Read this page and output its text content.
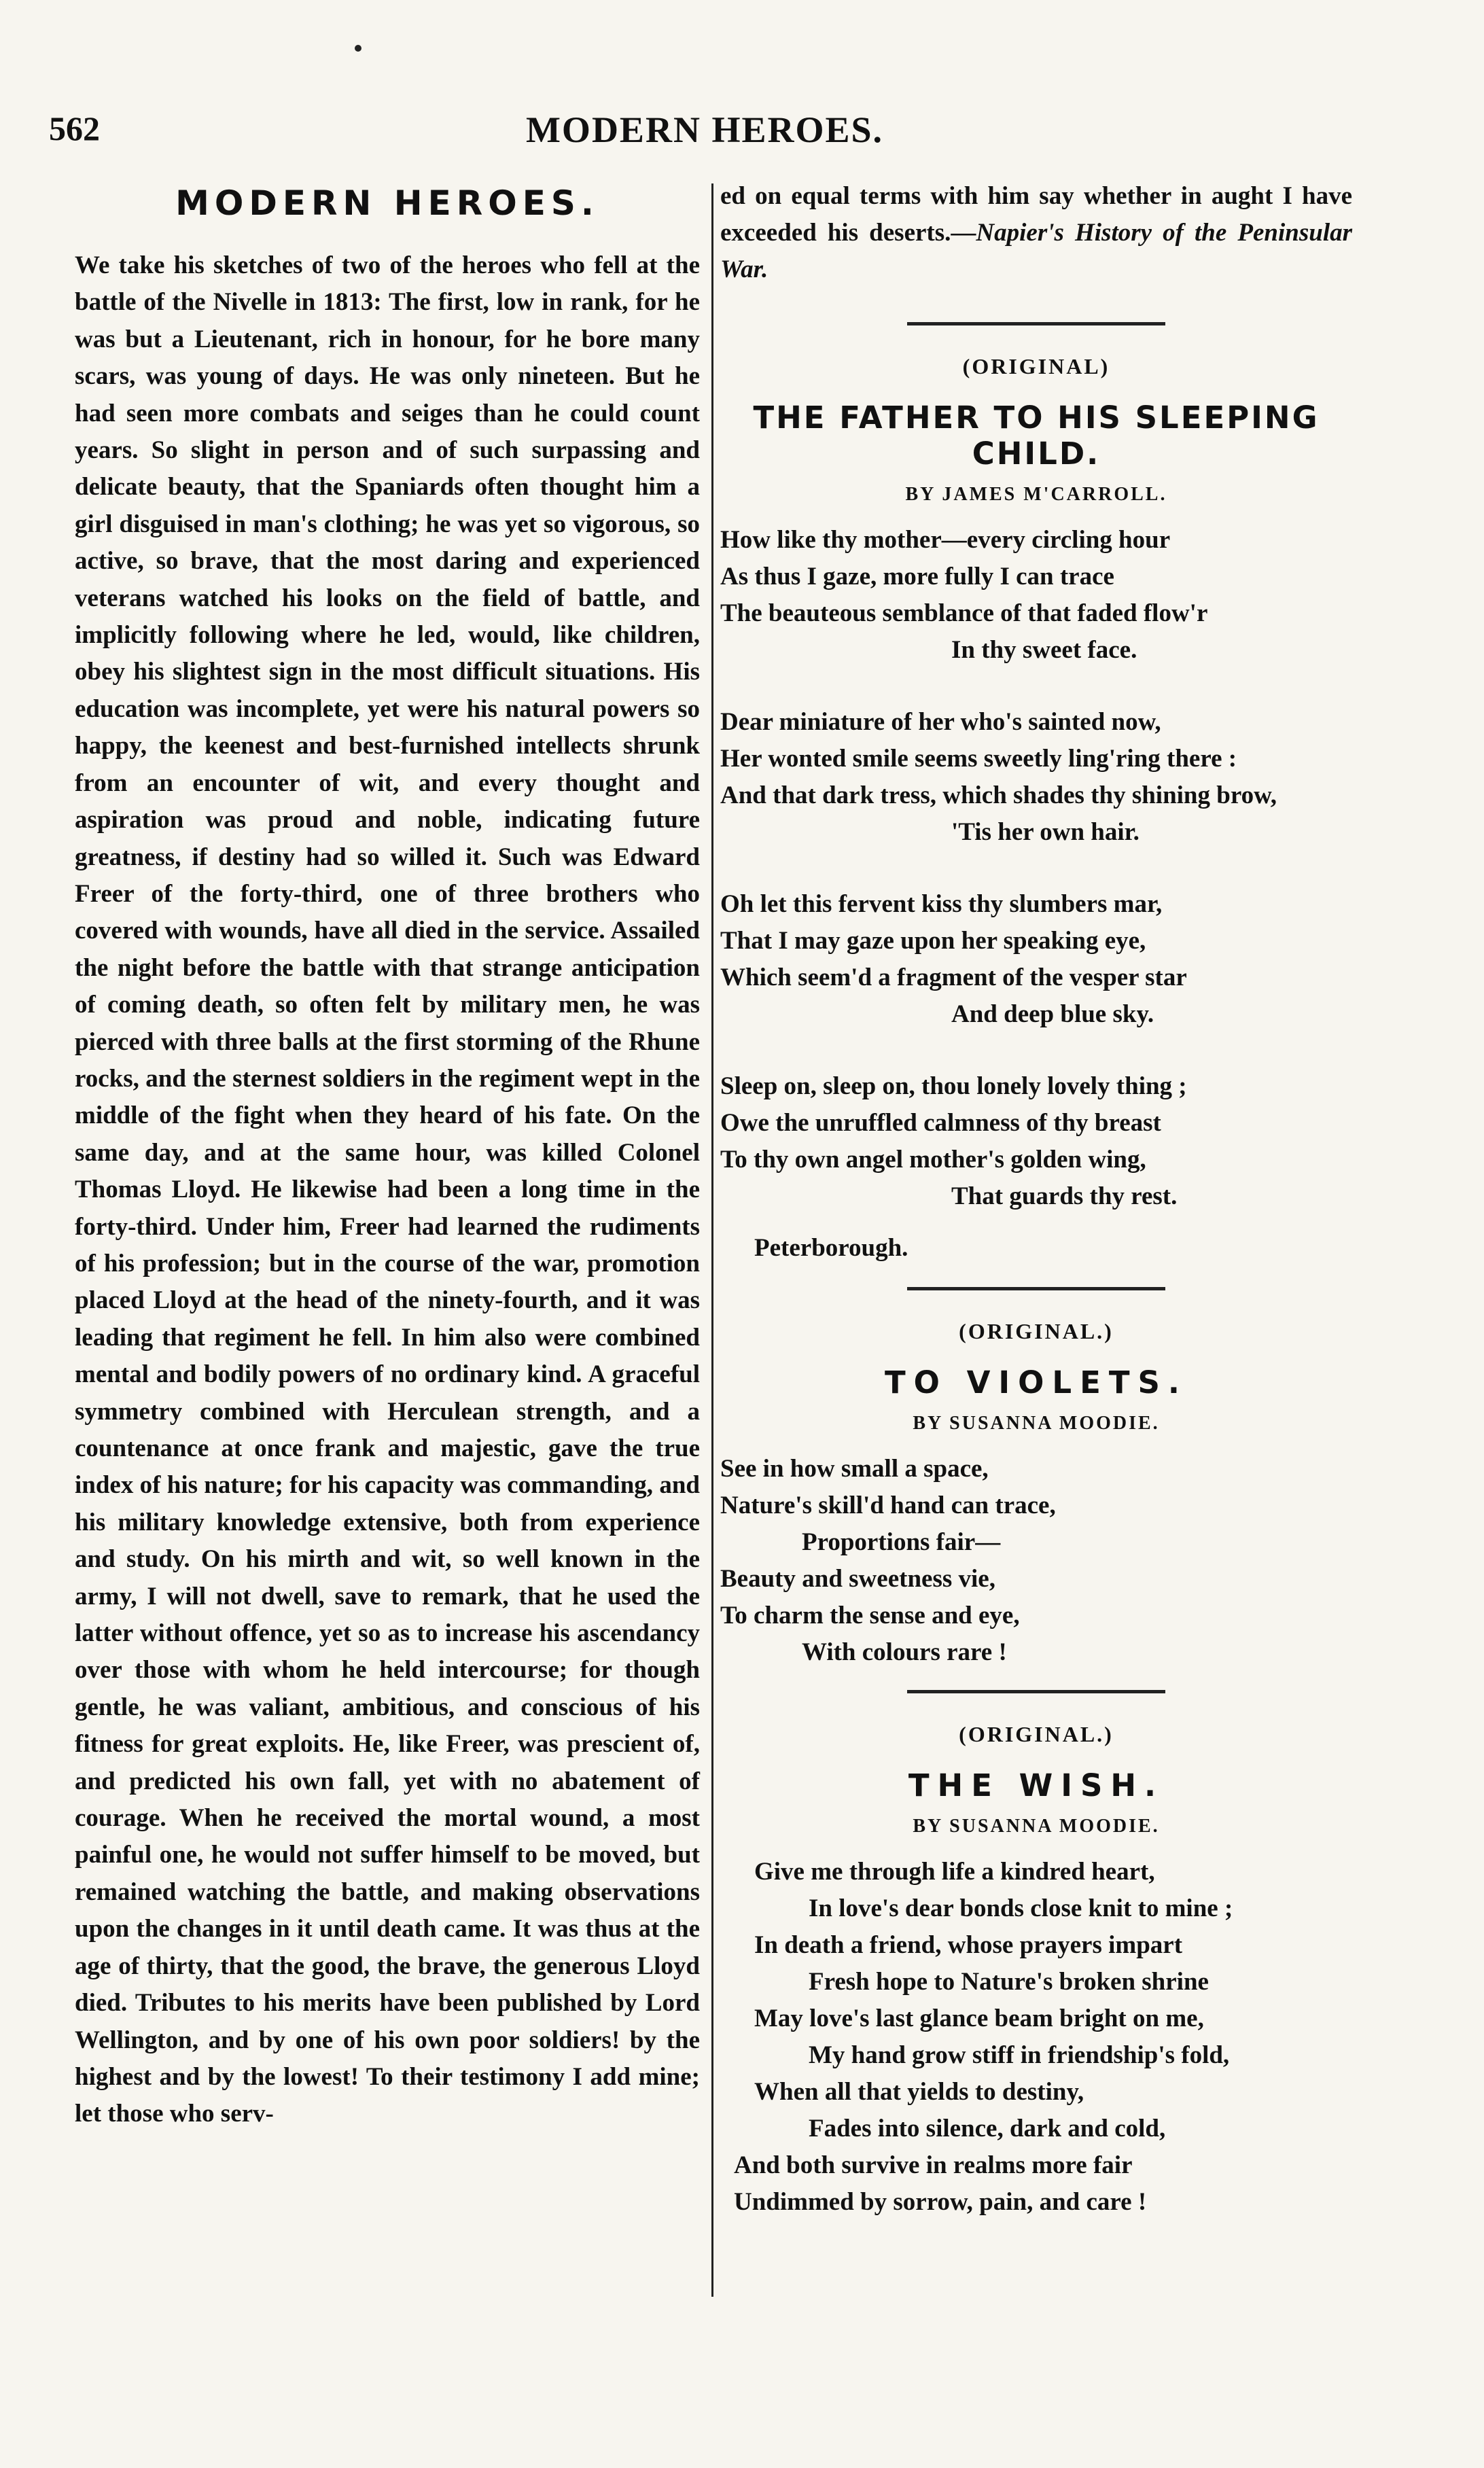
562	MODERN HEROES.
MODERN HEROES.

We take his sketches of two of the heroes who fell at the battle of the Nivelle in 1813: The first, low in rank, for he was but a Lieutenant, rich in honour, for he bore many scars, was young of days. He was only nineteen. But he had seen more combats and seiges than he could count years. So slight in person and of such surpassing and delicate beauty, that the Spaniards often thought him a girl disguised in man's clothing; he was yet so vigorous, so active, so brave, that the most daring and experienced veterans watched his looks on the field of battle, and implicitly following where he led, would, like children, obey his slightest sign in the most difficult situations. His education was incomplete, yet were his natural powers so happy, the keenest and best-furnished intellects shrunk from an encounter of wit, and every thought and aspiration was proud and noble, indicating future greatness, if destiny had so willed it. Such was Edward Freer of the forty-third, one of three brothers who covered with wounds, have all died in the service. Assailed the night before the battle with that strange anticipation of coming death, so often felt by military men, he was pierced with three balls at the first storming of the Rhune rocks, and the sternest soldiers in the regiment wept in the middle of the fight when they heard of his fate. On the same day, and at the same hour, was killed Colonel Thomas Lloyd. He likewise had been a long time in the forty-third. Under him, Freer had learned the rudiments of his profession; but in the course of the war, promotion placed Lloyd at the head of the ninety-fourth, and it was leading that regiment he fell. In him also were combined mental and bodily powers of no ordinary kind. A graceful symmetry combined with Herculean strength, and a countenance at once frank and majestic, gave the true index of his nature; for his capacity was commanding, and his military knowledge extensive, both from experience and study. On his mirth and wit, so well known in the army, I will not dwell, save to remark, that he used the latter without offence, yet so as to increase his ascendancy over those with whom he held intercourse; for though gentle, he was valiant, ambitious, and conscious of his fitness for great exploits. He, like Freer, was prescient of, and predicted his own fall, yet with no abatement of courage. When he received the mortal wound, a most painful one, he would not suffer himself to be moved, but remained watching the battle, and making observations upon the changes in it until death came. It was thus at the age of thirty, that the good, the brave, the generous Lloyd died. Tributes to his merits have been published by Lord Wellington, and by one of his own poor soldiers! by the highest and by the lowest! To their testimony I add mine; let those who serv-

ed on equal terms with him say whether in aught I have exceeded his deserts.—Napier's History of the Peninsular War.

(ORIGINAL)
THE FATHER TO HIS SLEEPING CHILD.
BY JAMES M'CARROLL.
How like thy mother—every circling hour
As thus I gaze, more fully I can trace
The beauteous semblance of that faded flow'r
In thy sweet face.
Dear miniature of her who's sainted now,
Her wonted smile seems sweetly ling'ring there :
And that dark tress, which shades thy shining brow,
'Tis her own hair.
Oh let this fervent kiss thy slumbers mar,
That I may gaze upon her speaking eye,
Which seem'd a fragment of the vesper star
And deep blue sky.
Sleep on, sleep on, thou lonely lovely thing ;
Owe the unruffled calmness of thy breast
To thy own angel mother's golden wing,
That guards thy rest.
Peterborough.
(ORIGINAL.)
TO VIOLETS.
BY SUSANNA MOODIE.
See in how small a space,
Nature's skill'd hand can trace,
Proportions fair—
Beauty and sweetness vie,
To charm the sense and eye,
With colours rare !
(ORIGINAL.)
THE WISH.
BY SUSANNA MOODIE.
Give me through life a kindred heart,
In love's dear bonds close knit to mine ;
In death a friend, whose prayers impart
Fresh hope to Nature's broken shrine
May love's last glance beam bright on me,
My hand grow stiff in friendship's fold,
When all that yields to destiny,
Fades into silence, dark and cold,
And both survive in realms more fair
Undimmed by sorrow, pain, and care !
